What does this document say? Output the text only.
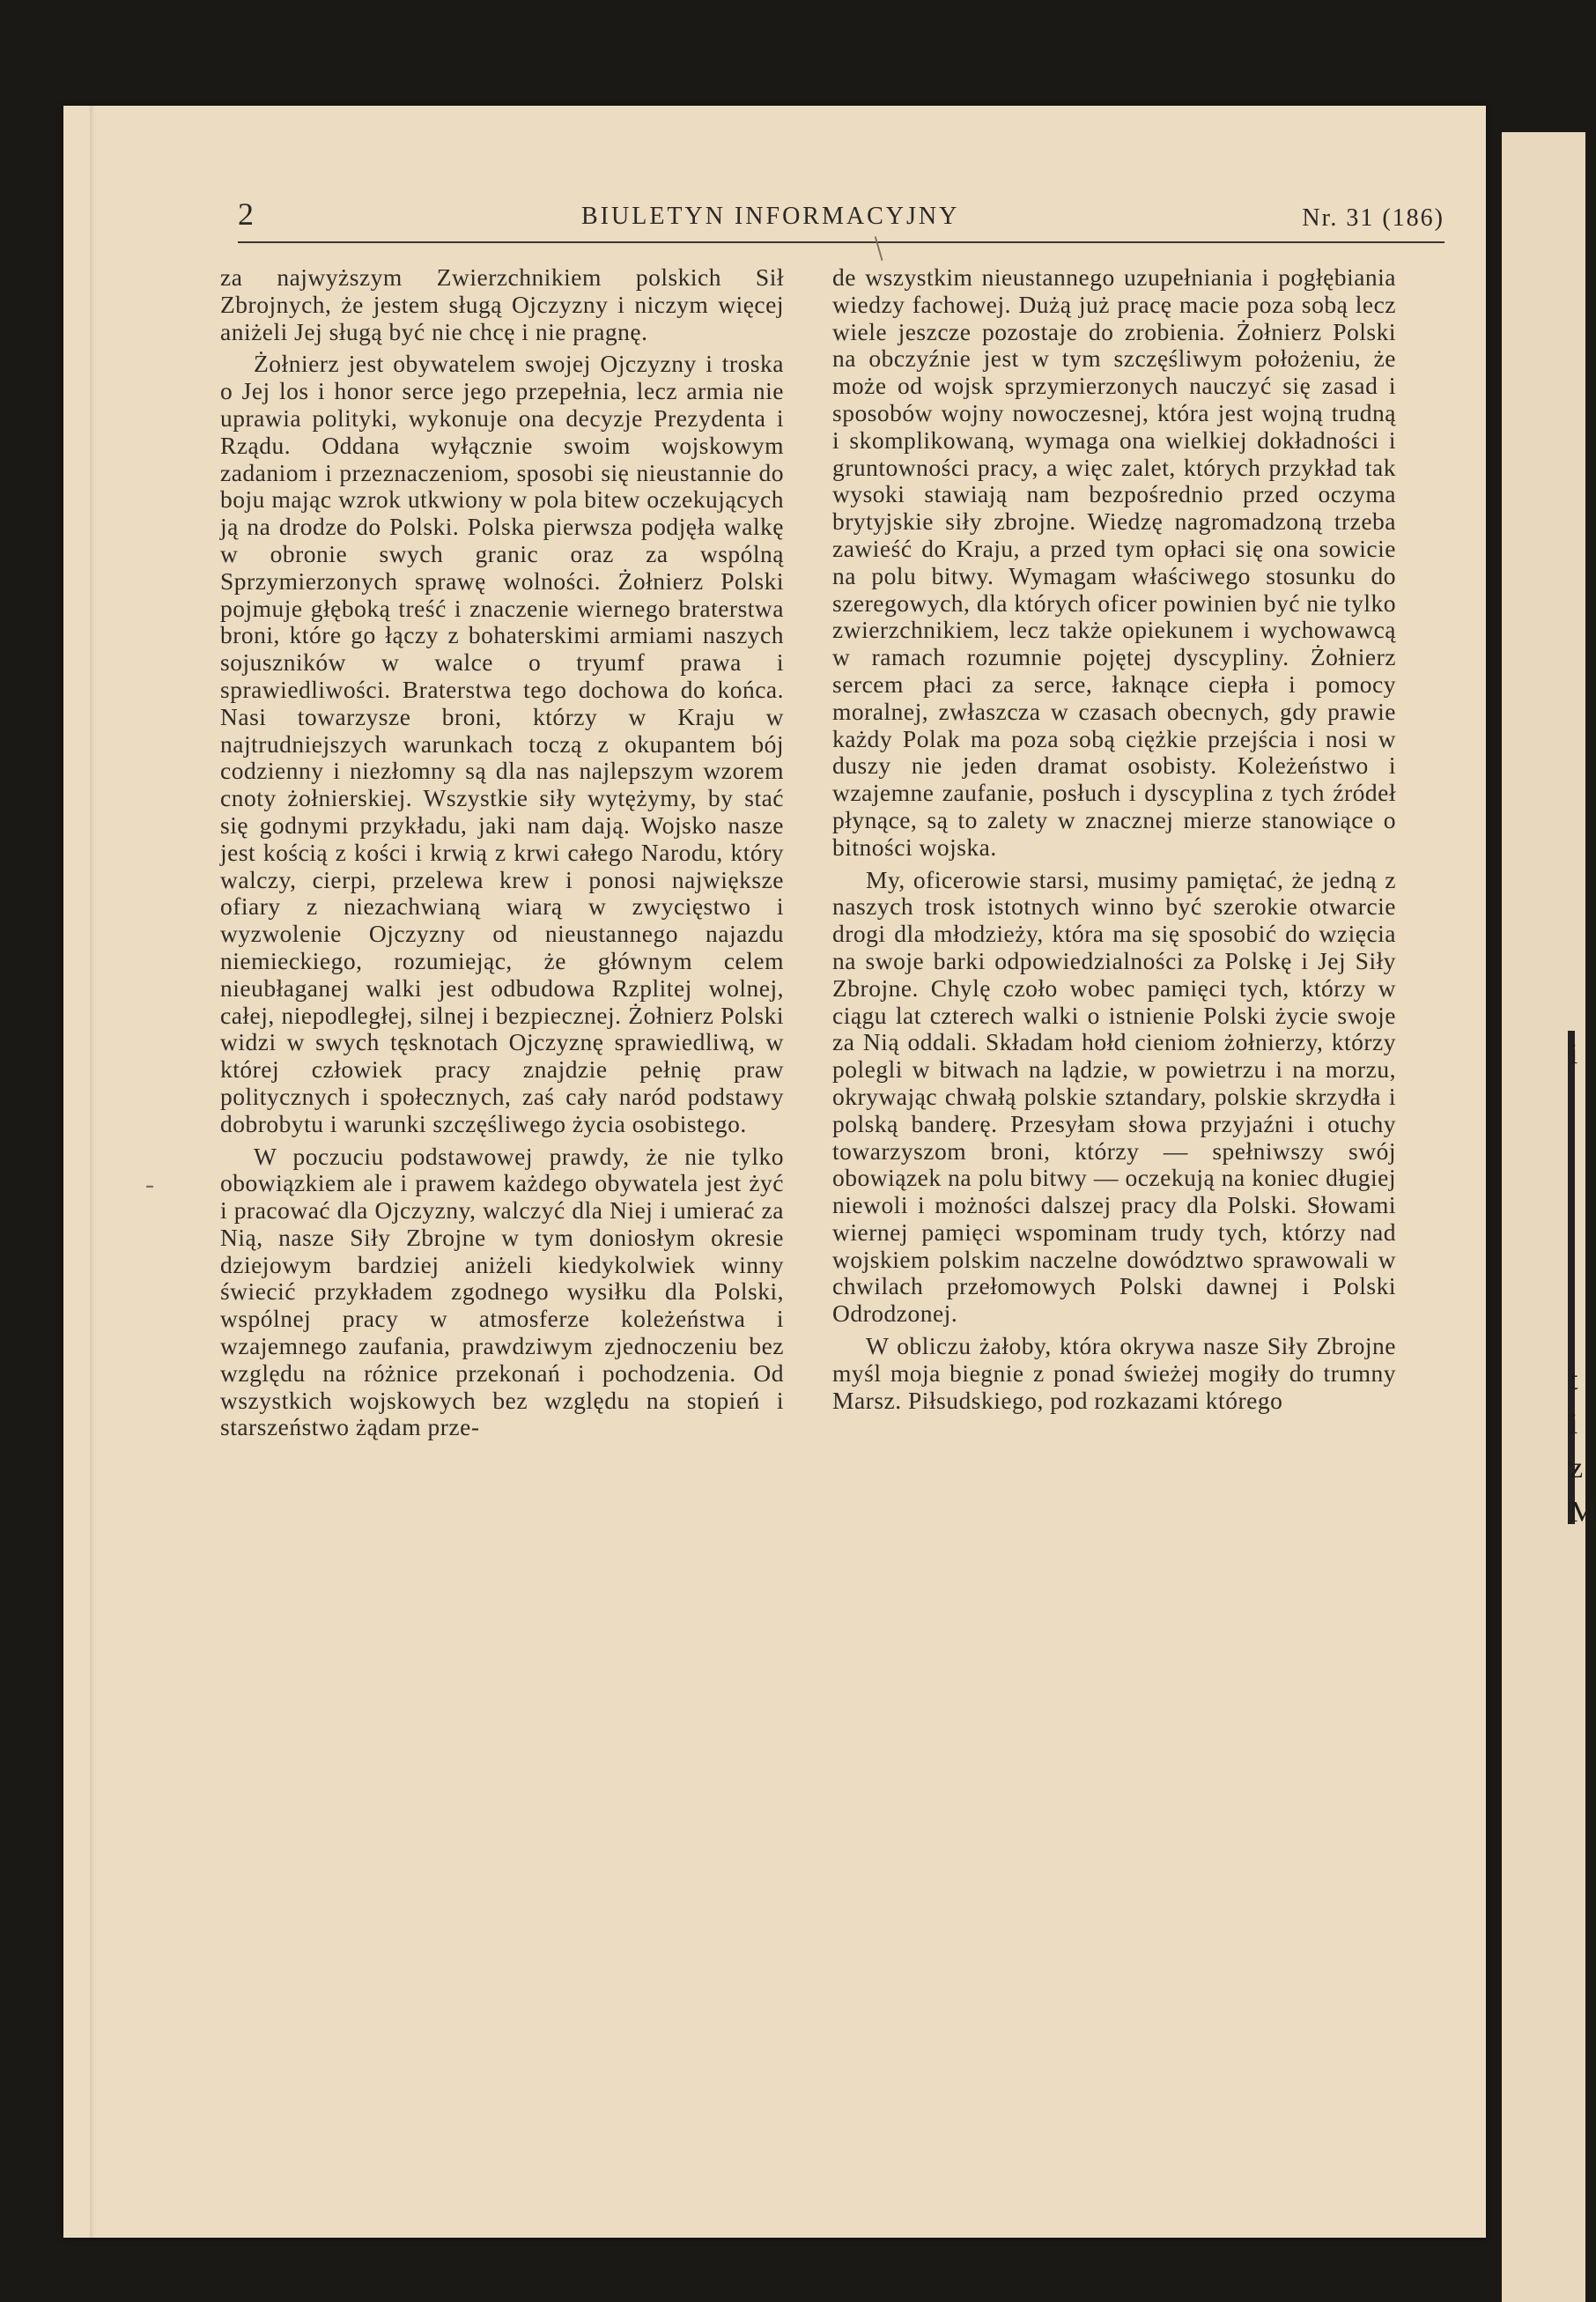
2	BIULETYN INFORMACYJNY	Nr. 31 (186)

za najwyższym Zwierzchnikiem polskich Sił Zbrojnych, że jestem sługą Ojczyzny i niczym więcej aniżeli Jej sługą być nie chcę i nie pragnę.

Żołnierz jest obywatelem swojej Ojczyzny i troska o Jej los i honor serce jego przepełnia, lecz armia nie uprawia polityki, wykonuje ona decyzje Prezydenta i Rządu. Oddana wyłącznie swoim wojskowym zadaniom i przeznaczeniom, sposobi się nieustannie do boju mając wzrok utkwiony w pola bitew oczekujących ją na drodze do Polski. Polska pierwsza podjęła walkę w obronie swych granic oraz za wspólną Sprzymierzonych sprawę wolności. Żołnierz Polski pojmuje głęboką treść i znaczenie wiernego braterstwa broni, które go łączy z bohaterskimi armiami naszych sojuszników w walce o tryumf prawa i sprawiedliwości. Braterstwa tego dochowa do końca. Nasi towarzysze broni, którzy w Kraju w najtrudniejszych warunkach toczą z okupantem bój codzienny i niezłomny są dla nas najlepszym wzorem cnoty żołnierskiej. Wszystkie siły wytężymy, by stać się godnymi przykładu, jaki nam dają. Wojsko nasze jest kością z kości i krwią z krwi całego Narodu, który walczy, cierpi, przelewa krew i ponosi największe ofiary z niezachwianą wiarą w zwycięstwo i wyzwolenie Ojczyzny od nieustannego najazdu niemieckiego, rozumiejąc, że głównym celem nieubłaganej walki jest odbudowa Rzplitej wolnej, całej, niepodległej, silnej i bezpiecznej. Żołnierz Polski widzi w swych tęsknotach Ojczyznę sprawiedliwą, w której człowiek pracy znajdzie pełnię praw politycznych i społecznych, zaś cały naród podstawy dobrobytu i warunki szczęśliwego życia osobistego.

W poczuciu podstawowej prawdy, że nie tylko obowiązkiem ale i prawem każdego obywatela jest żyć i pracować dla Ojczyzny, walczyć dla Niej i umierać za Nią, nasze Siły Zbrojne w tym doniosłym okresie dziejowym bardziej aniżeli kiedykolwiek winny świecić przykładem zgodnego wysiłku dla Polski, wspólnej pracy w atmosferze koleżeństwa i wzajemnego zaufania, prawdziwym zjednoczeniu bez względu na różnice przekonań i pochodzenia. Od wszystkich wojskowych bez względu na stopień i starszeństwo żądam prze-

de wszystkim nieustannego uzupełniania i pogłębiania wiedzy fachowej. Dużą już pracę macie poza sobą lecz wiele jeszcze pozostaje do zrobienia. Żołnierz Polski na obczyźnie jest w tym szczęśliwym położeniu, że może od wojsk sprzymierzonych nauczyć się zasad i sposobów wojny nowoczesnej, która jest wojną trudną i skomplikowaną, wymaga ona wielkiej dokładności i gruntowności pracy, a więc zalet, których przykład tak wysoki stawiają nam bezpośrednio przed oczyma brytyjskie siły zbrojne. Wiedzę nagromadzoną trzeba zawieść do Kraju, a przed tym opłaci się ona sowicie na polu bitwy. Wymagam właściwego stosunku do szeregowych, dla których oficer powinien być nie tylko zwierzchnikiem, lecz także opiekunem i wychowawcą w ramach rozumnie pojętej dyscypliny. Żołnierz sercem płaci za serce, łaknące ciepła i pomocy moralnej, zwłaszcza w czasach obecnych, gdy prawie każdy Polak ma poza sobą ciężkie przejścia i nosi w duszy nie jeden dramat osobisty. Koleżeństwo i wzajemne zaufanie, posłuch i dyscyplina z tych źródeł płynące, są to zalety w znacznej mierze stanowiące o bitności wojska.

My, oficerowie starsi, musimy pamiętać, że jedną z naszych trosk istotnych winno być szerokie otwarcie drogi dla młodzieży, która ma się sposobić do wzięcia na swoje barki odpowiedzialności za Polskę i Jej Siły Zbrojne. Chylę czoło wobec pamięci tych, którzy w ciągu lat czterech walki o istnienie Polski życie swoje za Nią oddali. Składam hołd cieniom żołnierzy, którzy polegli w bitwach na lądzie, w powietrzu i na morzu, okrywając chwałą polskie sztandary, polskie skrzydła i polską banderę. Przesyłam słowa przyjaźni i otuchy towarzyszom broni, którzy — spełniwszy swój obowiązek na polu bitwy — oczekują na koniec długiej niewoli i możności dalszej pracy dla Polski. Słowami wiernej pamięci wspominam trudy tych, którzy nad wojskiem polskim naczelne dowództwo sprawowali w chwilach przełomowych Polski dawnej i Polski Odrodzonej.

W obliczu żałoby, która okrywa nasze Siły Zbrojne myśl moja biegnie z ponad świeżej mogiły do trumny Marsz. Piłsudskiego, pod rozkazami którego

i
t
i
z
M
/
-
